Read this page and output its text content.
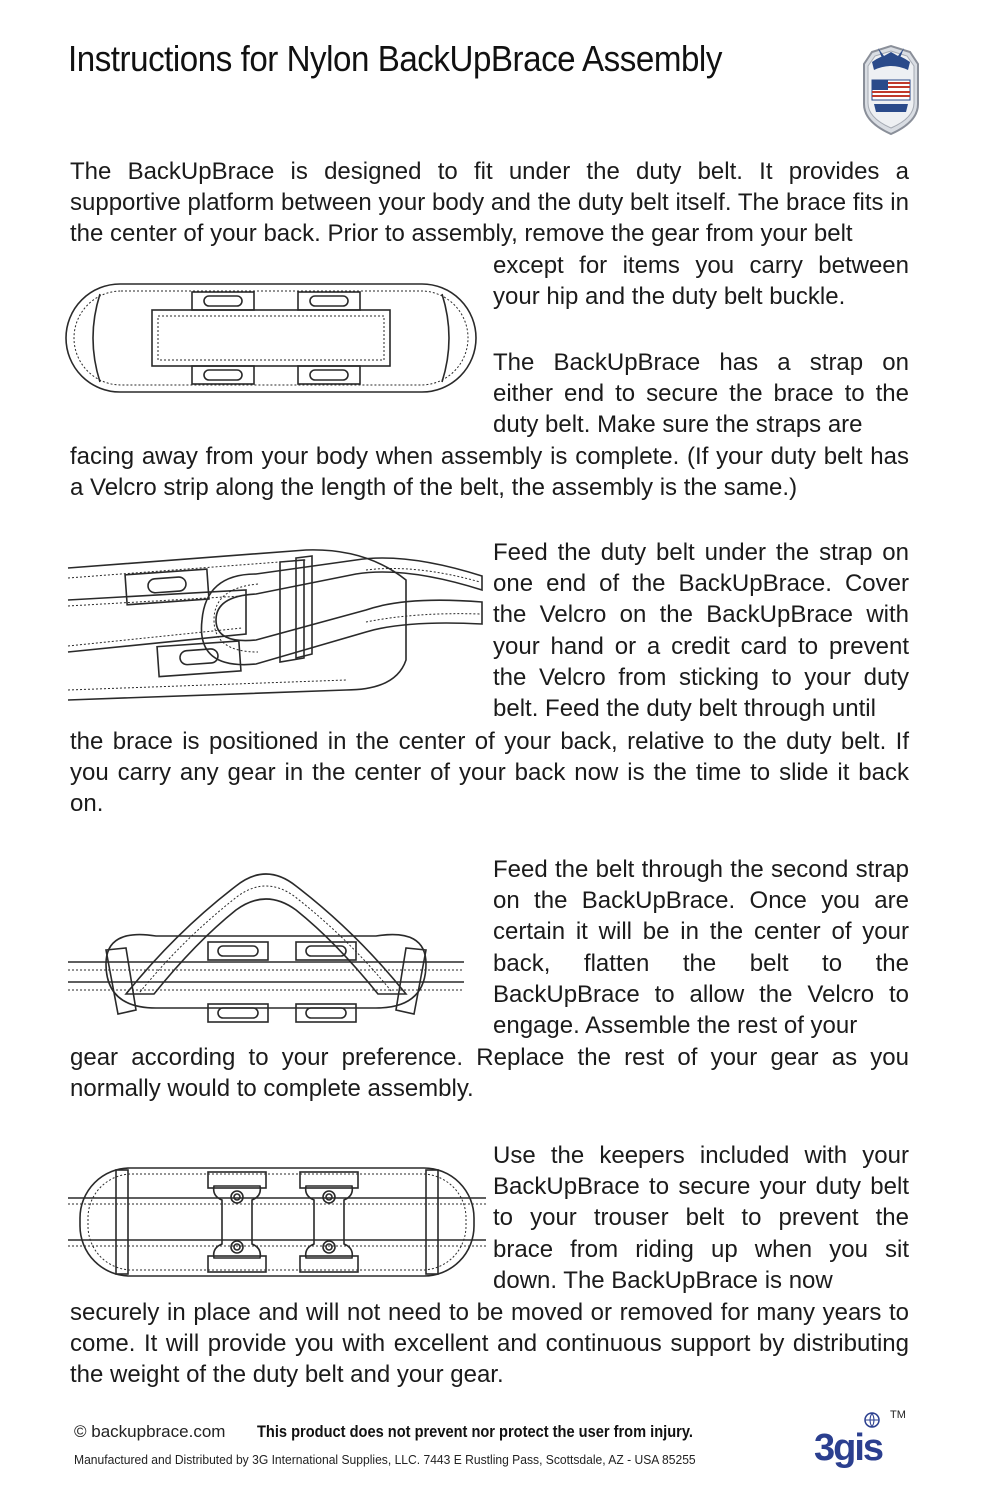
Instructions for Nylon BackUpBrace Assembly
The BackUpBrace is designed to fit under the duty belt. It provides a supportive platform between your body and the duty belt itself. The brace fits in the center of your back. Prior to assembly, remove the gear from your belt
except for items you carry between your hip and the duty belt buckle.
The BackUpBrace has a strap on either end to secure the brace to the duty belt. Make sure the straps are
facing away from your body when assembly is complete. (If your duty belt has a Velcro strip along the length of the belt, the assembly is the same.)
Feed the duty belt under the strap on one end of the BackUpBrace. Cover the Velcro on the BackUpBrace with your hand or a credit card to prevent the Velcro from sticking to your duty belt. Feed the duty belt through until
the brace is positioned in the center of your back, relative to the duty belt. If you carry any gear in the center of your back now is the time to slide it back on.
Feed the belt through the second strap on the BackUpBrace. Once you are certain it will be in the center of your back, flatten the belt to the BackUpBrace to allow the Velcro to engage. Assemble the rest of your
gear according to your preference. Replace the rest of your gear as you normally would to complete assembly.
Use the keepers included with your BackUpBrace to secure your duty belt to your trouser belt to prevent the brace from riding up when you sit down. The BackUpBrace is now
securely in place and will not need to be moved or removed for many years to come. It will provide you with excellent and continuous support by distributing the weight of the duty belt and your gear.
© backupbrace.com This product does not prevent nor protect the user from injury.
Manufactured and Distributed by 3G International Supplies, LLC. 7443 E Rustling Pass, Scottsdale, AZ - USA 85255	3gis
TM
